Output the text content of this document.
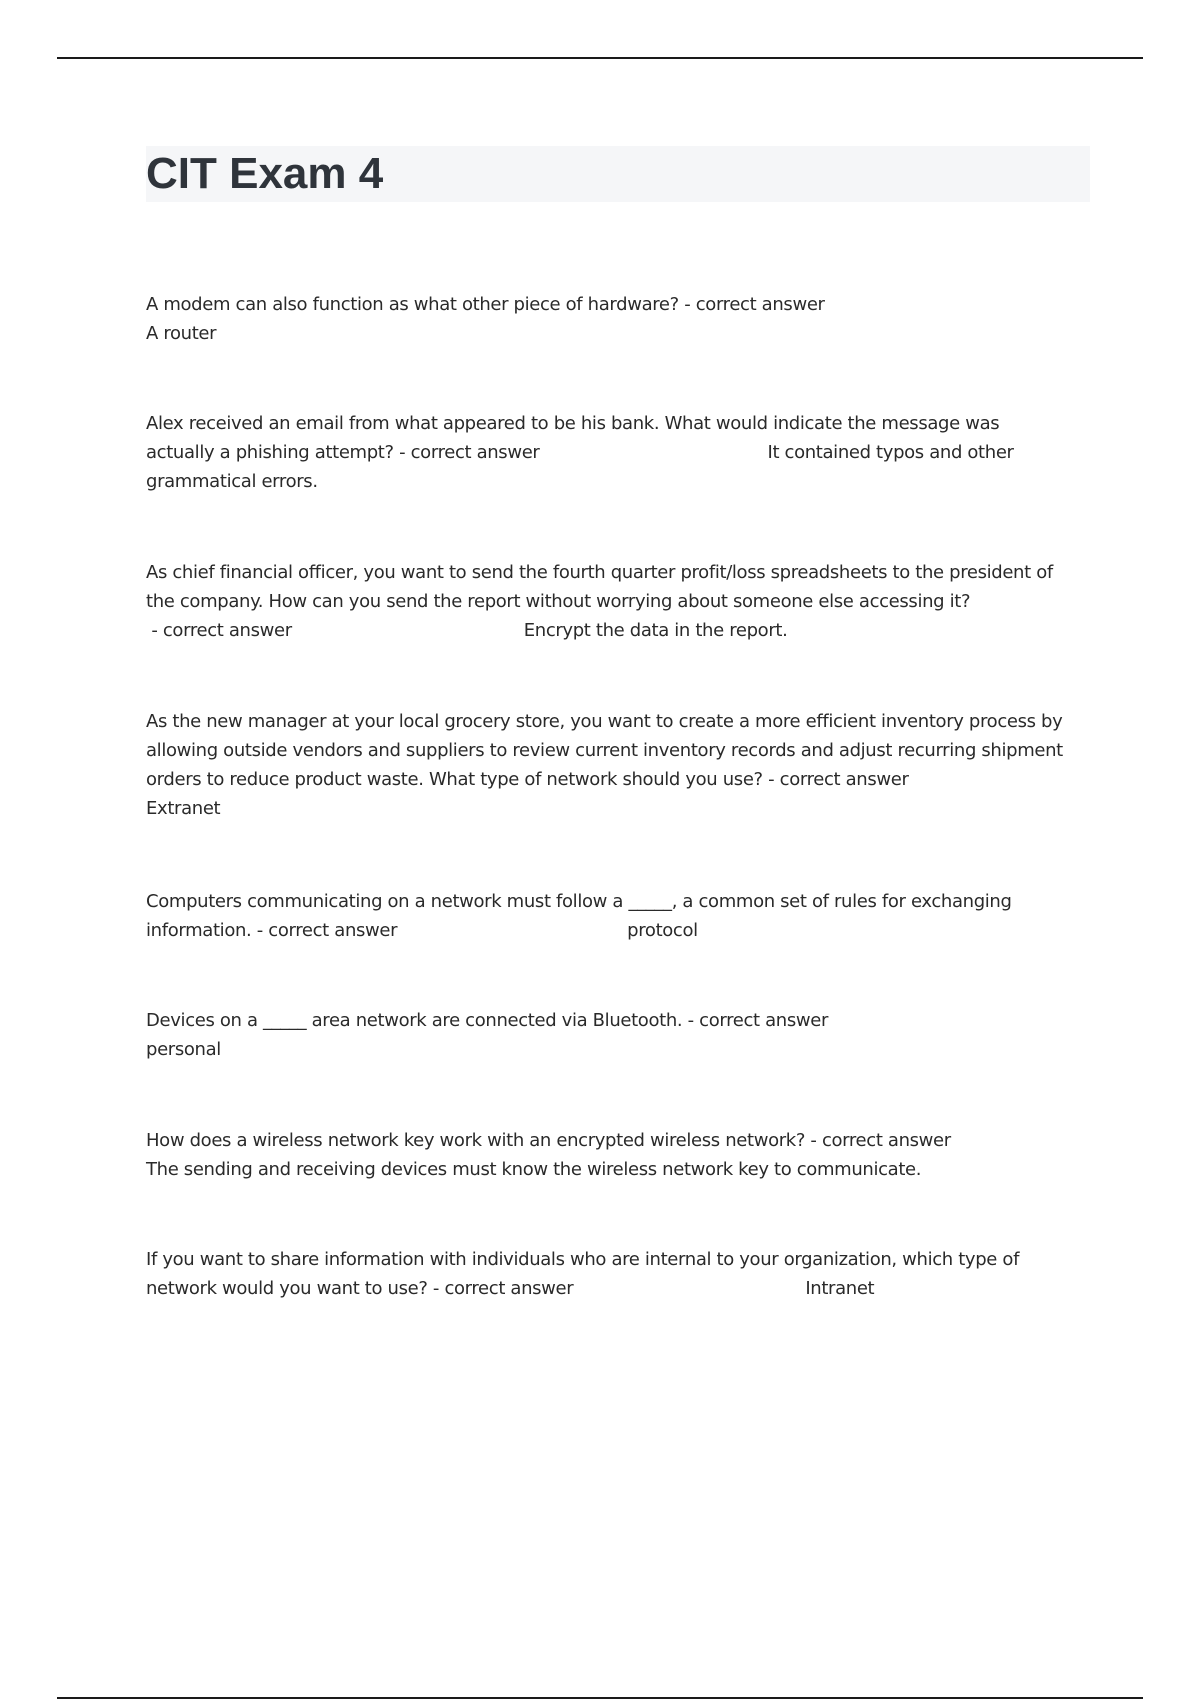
CIT Exam 4
A modem can also function as what other piece of hardware? - correct answer
A router
Alex received an email from what appeared to be his bank. What would indicate the message was actually a phishing attempt? - correct answer	It contained typos and other grammatical errors.
As chief financial officer, you want to send the fourth quarter profit/loss spreadsheets to the president of the company. How can you send the report without worrying about someone else accessing it? - correct answer	Encrypt the data in the report.
As the new manager at your local grocery store, you want to create a more efficient inventory process by allowing outside vendors and suppliers to review current inventory records and adjust recurring shipment orders to reduce product waste. What type of network should you use? - correct answer
Extranet
Computers communicating on a network must follow a _____, a common set of rules for exchanging information. - correct answer	protocol
Devices on a _____ area network are connected via Bluetooth. - correct answer
personal
How does a wireless network key work with an encrypted wireless network? - correct answer
The sending and receiving devices must know the wireless network key to communicate.
If you want to share information with individuals who are internal to your organization, which type of network would you want to use? - correct answer	Intranet
